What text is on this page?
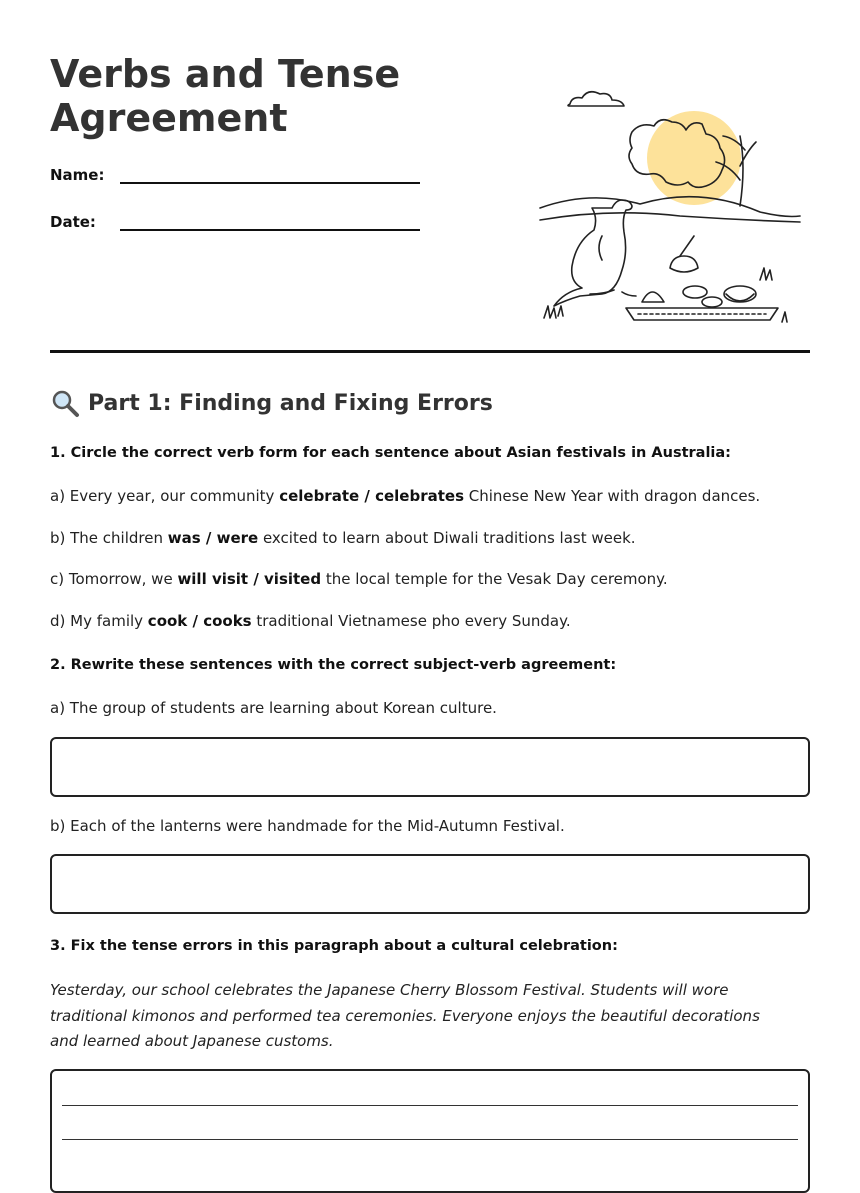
Verbs and Tense Agreement
Name:
Date:
Part 1: Finding and Fixing Errors
1. Circle the correct verb form for each sentence about Asian festivals in Australia:
a) Every year, our community celebrate / celebrates Chinese New Year with dragon dances.
b) The children was / were excited to learn about Diwali traditions last week.
c) Tomorrow, we will visit / visited the local temple for the Vesak Day ceremony.
d) My family cook / cooks traditional Vietnamese pho every Sunday.
2. Rewrite these sentences with the correct subject-verb agreement:
a) The group of students are learning about Korean culture.
b) Each of the lanterns were handmade for the Mid-Autumn Festival.
3. Fix the tense errors in this paragraph about a cultural celebration:

Yesterday, our school celebrates the Japanese Cherry Blossom Festival. Students will wore traditional kimonos and performed tea ceremonies. Everyone enjoys the beautiful decorations and learned about Japanese customs.
